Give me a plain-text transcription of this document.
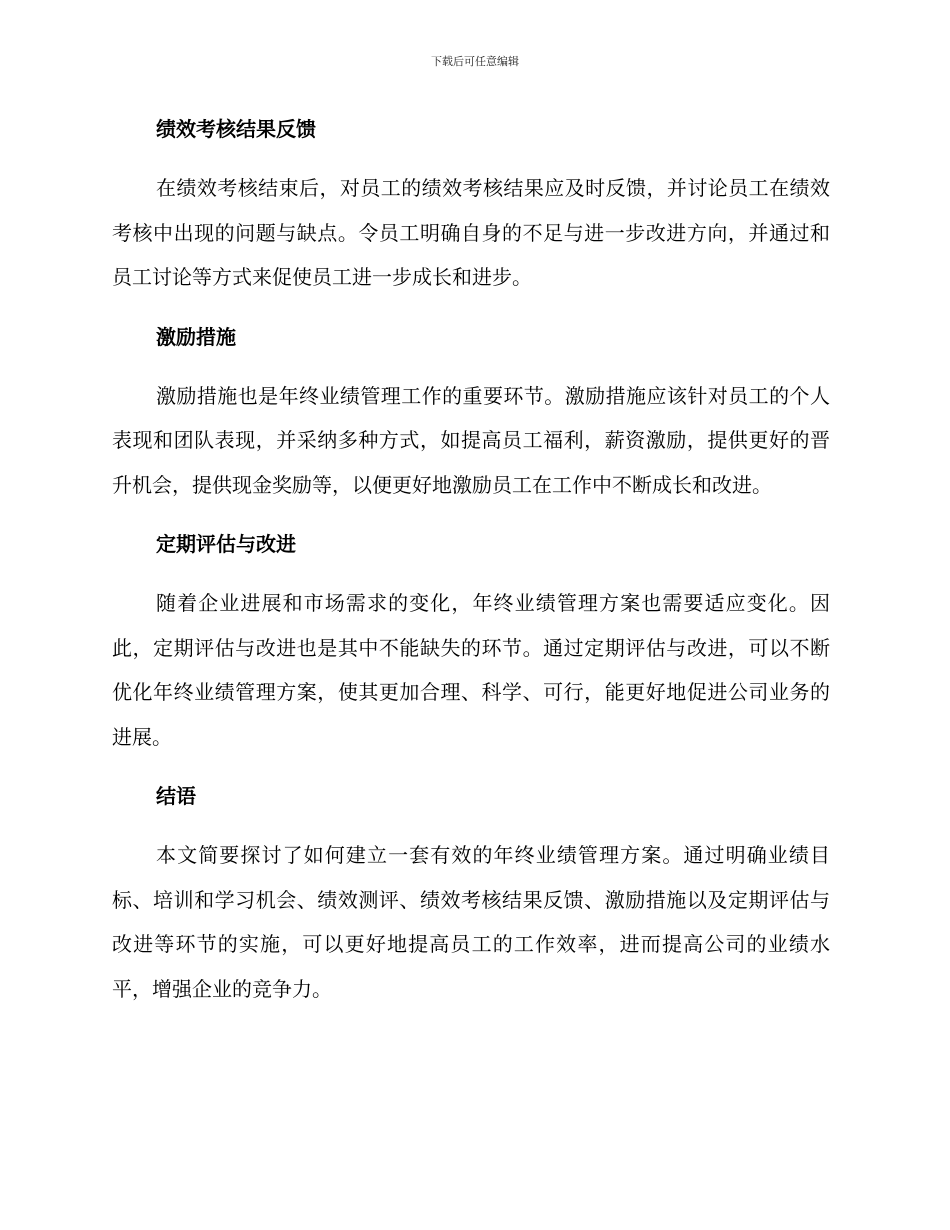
下载后可任意编辑
绩效考核结果反馈

在绩效考核结束后，对员工的绩效考核结果应及时反馈，并讨论员工在绩效考核中出现的问题与缺点。令员工明确自身的不足与进一步改进方向，并通过和员工讨论等方式来促使员工进一步成长和进步。

激励措施

激励措施也是年终业绩管理工作的重要环节。激励措施应该针对员工的个人表现和团队表现，并采纳多种方式，如提高员工福利，薪资激励，提供更好的晋升机会，提供现金奖励等，以便更好地激励员工在工作中不断成长和改进。

定期评估与改进

随着企业进展和市场需求的变化，年终业绩管理方案也需要适应变化。因此，定期评估与改进也是其中不能缺失的环节。通过定期评估与改进，可以不断优化年终业绩管理方案，使其更加合理、科学、可行，能更好地促进公司业务的进展。

结语

本文简要探讨了如何建立一套有效的年终业绩管理方案。通过明确业绩目标、培训和学习机会、绩效测评、绩效考核结果反馈、激励措施以及定期评估与改进等环节的实施，可以更好地提高员工的工作效率，进而提高公司的业绩水平，增强企业的竞争力。
